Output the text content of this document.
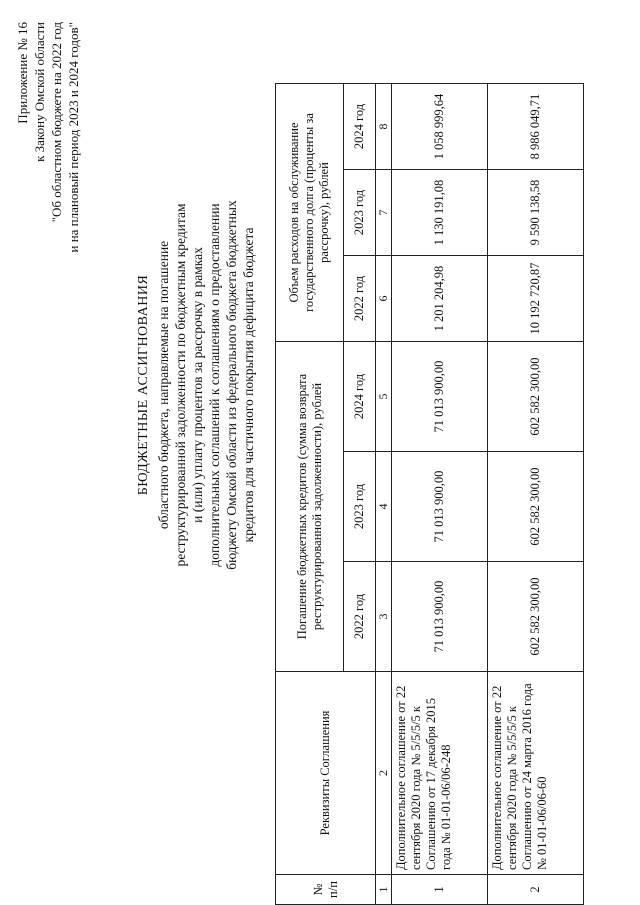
Приложение № 16 к Закону Омской области "Об областном бюджете на 2022 год и на плановый период 2023 и 2024 годов"
БЮДЖЕТНЫЕ АССИГНОВАНИЯ областного бюджета, направляемые на погашение реструктурированной задолженности по бюджетным кредитам и (или) уплату процентов за рассрочку в рамках дополнительных соглашений к соглашениям о предоставлении бюджету Омской области из федерального бюджета бюджетных кредитов для частичного покрытия дефицита бюджета
№ п/п	Реквизиты Соглашения	Погашение бюджетных кредитов (сумма возврата реструктурированной задолженности), рублей			Объем расходов на обслуживание государственного долга (проценты за рассрочку), рублей		
		2022 год	2023 год	2024 год	2022 год	2023 год	2024 год
1	2	3	4	5	6	7	8
1	Дополнительное соглашение от 22 сентября 2020 года № 5/5/5/5 к Соглашению от 17 декабря 2015 года № 01-01-06/06-248	71 013 900,00	71 013 900,00	71 013 900,00	1 201 204,98	1 130 191,08	1 058 999,64
2	Дополнительное соглашение от 22 сентября 2020 года № 5/5/5/5 к Соглашению от 24 марта 2016 года № 01-01-06/06-60	602 582 300,00	602 582 300,00	602 582 300,00	10 192 720,87	9 590 138,58	8 986 049,71
